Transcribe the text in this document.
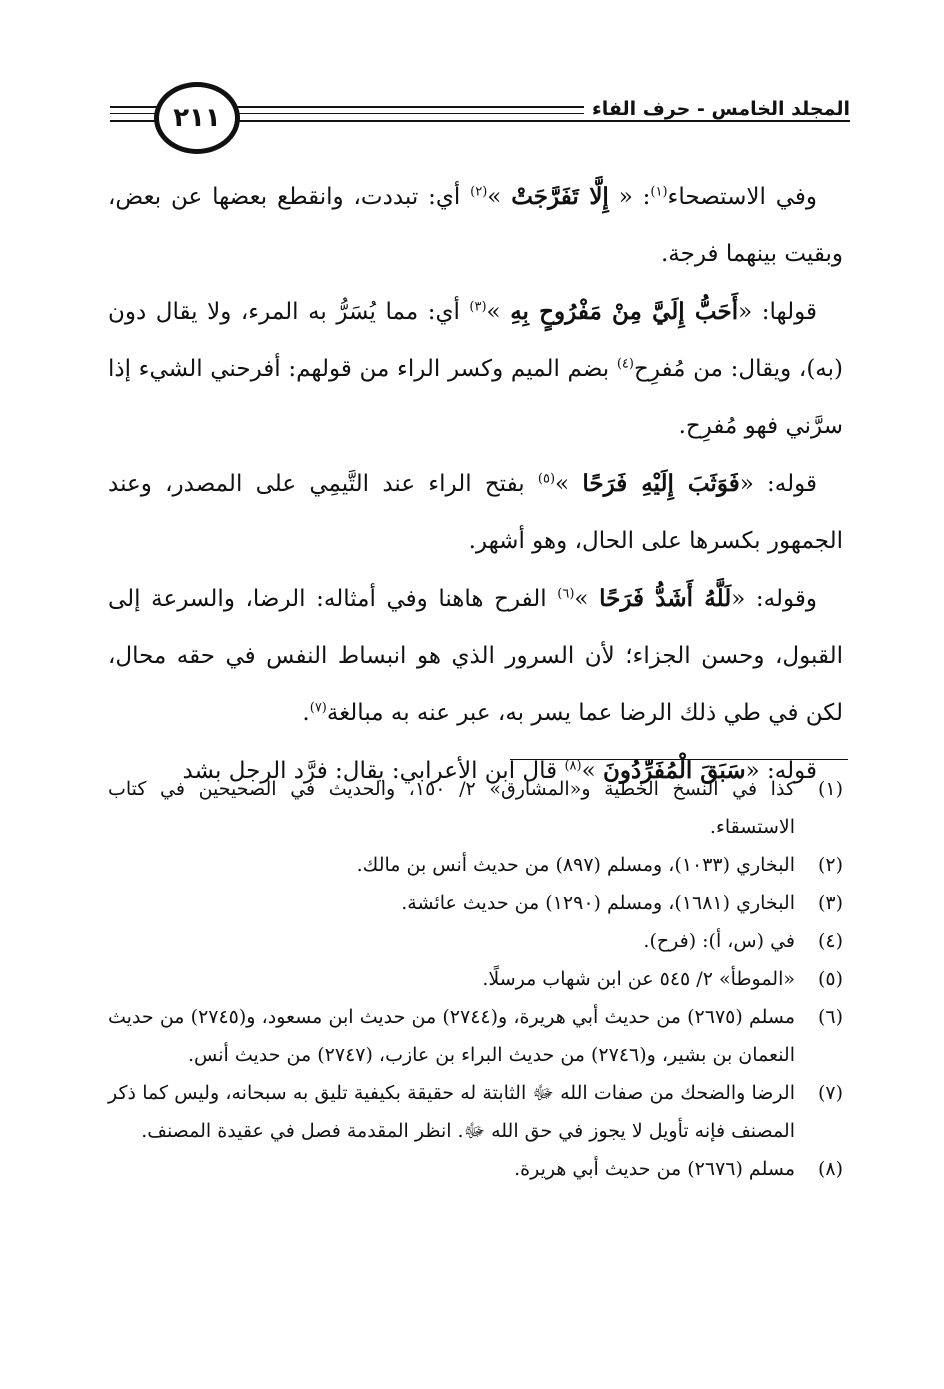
٢١١	المجلد الخامس - حرف الفاء

وفي الاستصحاء$^{(١)}$: « إِلَّا تَفَرَّجَتْ »$^{(٢)}$ أي: تبددت، وانقطع بعضها عن بعض، وبقيت بينهما فرجة.

قولها: «أَحَبُّ إِلَيَّ مِنْ مَفْرُوحٍ بِهِ »$^{(٣)}$ أي: مما يُسَرُّ به المرء، ولا يقال دون (به)، ويقال: من مُفرِح$^{(٤)}$ بضم الميم وكسر الراء من قولهم: أفرحني الشيء إذا سرَّني فهو مُفرِح.

قوله: «فَوَثَبَ إِلَيْهِ فَرَحًا »$^{(٥)}$ بفتح الراء عند التَّيمِي على المصدر، وعند الجمهور بكسرها على الحال، وهو أشهر.

وقوله: «لَلَّهُ أَشَدُّ فَرَحًا »$^{(٦)}$ الفرح هاهنا وفي أمثاله: الرضا، والسرعة إلى القبول، وحسن الجزاء؛ لأن السرور الذي هو انبساط النفس في حقه محال، لكن في طي ذلك الرضا عما يسر به، عبر عنه به مبالغة$^{(٧)}$.

قوله: «سَبَقَ الْمُفَرِّدُونَ »$^{(٨)}$ قال ابن الأعرابي: يقال: فرَّد الرجل بشد

(١)
كذا في النسخ الخطية و«المشارق» ٢/ ١٥٠، والحديث في الصحيحين في كتاب الاستسقاء.
(٢)
البخاري (١٠٣٣)، ومسلم (٨٩٧) من حديث أنس بن مالك.
(٣)
البخاري (١٦٨١)، ومسلم (١٢٩٠) من حديث عائشة.
(٤)
في (س، أ): (فرح).
(٥)
«الموطأ» ٢/ ٥٤٥ عن ابن شهاب مرسلًا.
(٦)
مسلم (٢٦٧٥) من حديث أبي هريرة، و(٢٧٤٤) من حديث ابن مسعود، و(٢٧٤٥) من حديث النعمان بن بشير، و(٢٧٤٦) من حديث البراء بن عازب، (٢٧٤٧) من حديث أنس.
(٧)
الرضا والضحك من صفات الله ﷻ الثابتة له حقيقة بكيفية تليق به سبحانه، وليس كما ذكر المصنف فإنه تأويل لا يجوز في حق الله ﷻ. انظر المقدمة فصل في عقيدة المصنف.
(٨)
مسلم (٢٦٧٦) من حديث أبي هريرة.
